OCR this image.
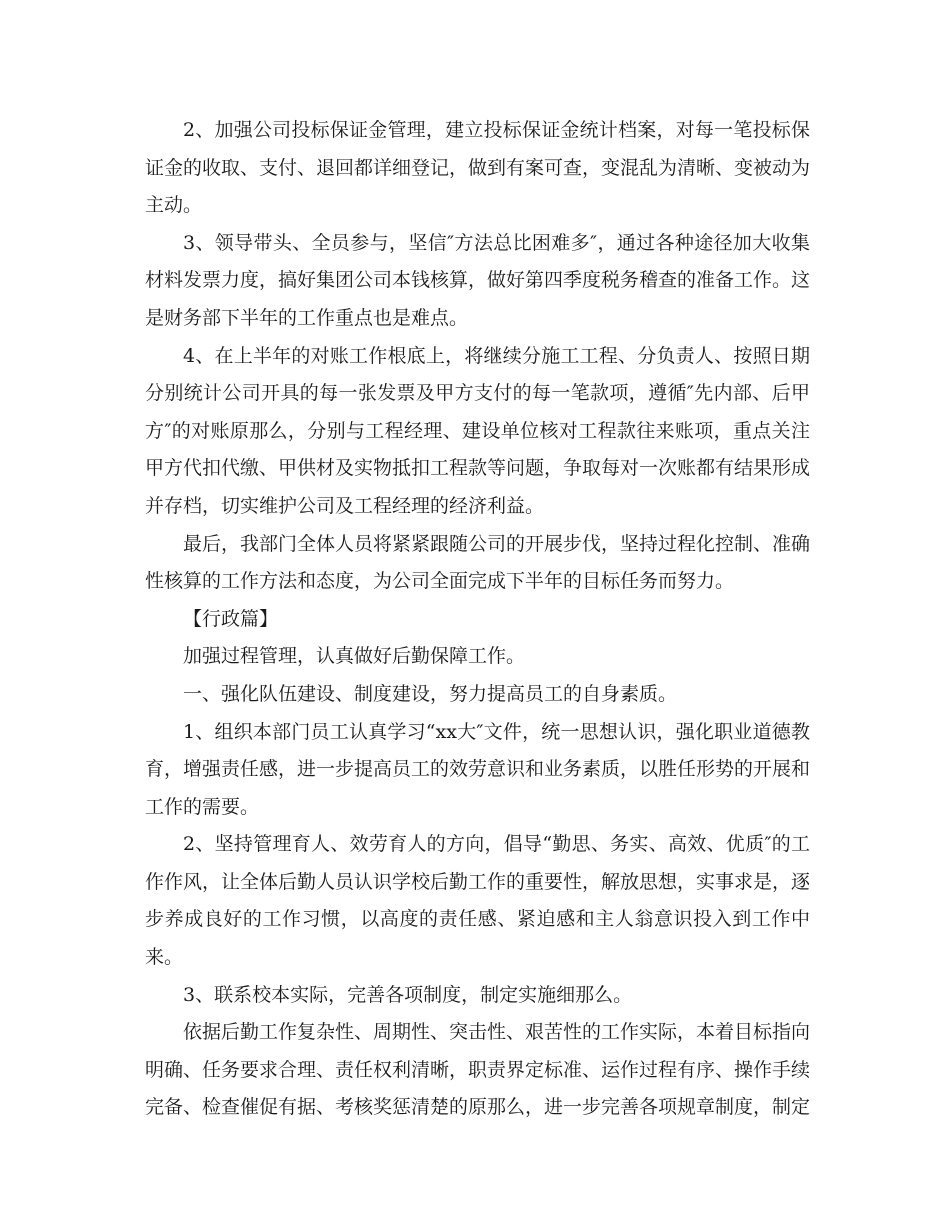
2、加强公司投标保证金管理，建立投标保证金统计档案，对每一笔投标保证金的收取、支付、退回都详细登记，做到有案可查，变混乱为清晰、变被动为主动。

3、领导带头、全员参与，坚信″方法总比困难多″，通过各种途径加大收集材料发票力度，搞好集团公司本钱核算，做好第四季度税务稽查的准备工作。这是财务部下半年的工作重点也是难点。

4、在上半年的对账工作根底上，将继续分施工工程、分负责人、按照日期分别统计公司开具的每一张发票及甲方支付的每一笔款项，遵循″先内部、后甲方″的对账原那么，分别与工程经理、建设单位核对工程款往来账项，重点关注甲方代扣代缴、甲供材及实物抵扣工程款等问题，争取每对一次账都有结果形成并存档，切实维护公司及工程经理的经济利益。

最后，我部门全体人员将紧紧跟随公司的开展步伐，坚持过程化控制、准确性核算的工作方法和态度，为公司全面完成下半年的目标任务而努力。

【行政篇】

加强过程管理，认真做好后勤保障工作。

一、强化队伍建设、制度建设，努力提高员工的自身素质。

1、组织本部门员工认真学习“xx大″文件，统一思想认识，强化职业道德教育，增强责任感，进一步提高员工的效劳意识和业务素质，以胜任形势的开展和工作的需要。

2、坚持管理育人、效劳育人的方向，倡导“勤思、务实、高效、优质″的工作作风，让全体后勤人员认识学校后勤工作的重要性，解放思想，实事求是，逐步养成良好的工作习惯，以高度的责任感、紧迫感和主人翁意识投入到工作中来。

3、联系校本实际，完善各项制度，制定实施细那么。

依据后勤工作复杂性、周期性、突击性、艰苦性的工作实际，本着目标指向明确、任务要求合理、责任权利清晰，职责界定标准、运作过程有序、操作手续完备、检查催促有据、考核奖惩清楚的原那么，进一步完善各项规章制度，制定
